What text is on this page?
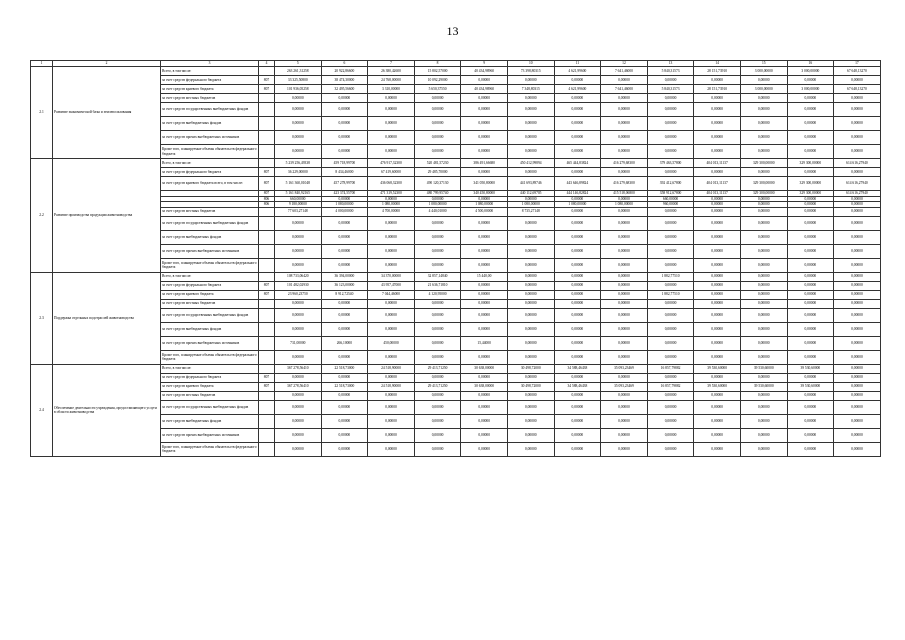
13
1	2	3	4	5	6	7	8	9	10	11	12	13	14	15	16	17
2.1	Развитие экономической базы и землепользования	Всего, в том числе:		263 261,31258	20 922,86600	26 380,42600	15 802,57000	40 434,98960	73 398,80315	4 621,99600	7 641,46000	5 840,31573	28 151,73910	3 000,00000	3 000,00000	67 648,13270
		за счет средств федерального бюджета	807	33 325,50800	38 474,30000	24 768,00000	10 092,29000	0,00000	0,00000	0,00000	0,00000	0,00000	0,00000	0,00000	0,00000	0,00000
		за счет средств краевого бюджета	807	101 936,05258	32 495,56600	3 310,00000	5 650,37550	40 434,98960	7 348,80315	4 621,99600	7 641,46000	5 840,31573	28 151,73910	3 000,00000	3 000,00000	67 648,13270
		за счет средств местных бюджетов		0,00000	0,00000	0,00000	0,00000	0,00000	0,00000	0,00000	0,00000	0,00000	0,00000	0,00000	0,00000	0,00000
		за счет средств государственных внебюджетных фондов		0,00000	0,00000	0,00000	0,00000	0,00000	0,00000	0,00000	0,00000	0,00000	0,00000	0,00000	0,00000	0,00000
		за счет средств внебюджетных фондов		0,00000	0,00000	0,00000	0,00000	0,00000	0,00000	0,00000	0,00000	0,00000	0,00000	0,00000	0,00000	0,00000
		за счет средств прочих внебюджетных источников		0,00000	0,00000	0,00000	0,00000	0,00000	0,00000	0,00000	0,00000	0,00000	0,00000	0,00000	0,00000	0,00000
		Кроме того, планируемые объемы обязательств федерального бюджета		0,00000	0,00000	0,00000	0,00000	0,00000	0,00000	0,00000	0,00000	0,00000	0,00000	0,00000	0,00000	0,00000
2.2	Развитие производства продукции животноводства	Всего, в том числе:		5 239 256,49338	459 718,99700	476 917,32300	520 481,57230	386 491,66680	450 412,99894	465 444,83824	416 279,68300	379 463,57800	404 013,11137	329 300,00000	329 300,00000	614 616,27940
		за счет средств федерального бюджета	807	36 229,00000	8 434,46000	67 419,60000	29 485,70000	0,00000	0,00000	0,00000	0,00000	0,00000	0,00000	0,00000	0,00000	0,00000
		за счет средств краевого бюджета всего, в том числе:	807	5 161 360,01048	457 278,99700	436 068,32300	490 120,37130	341 050,80000	441 693,89746	443 646,89824	416 279,68300	392 412,67800	404 013,11137	329 300,00000	329 300,00000	614 616,27940
			807	5 161 840,92165	423 374,55700	471 319,52300	480 799,95740	340 450,80000	440 112,69705	444 146,82824	415 518,06800	358 912,67800	404 013,11137	329 300,00000	329 300,00000	614 616,27940
			806	660,00000	0,00000	0,00000	0,00000	0,00000	0,00000	0,00000	0,00000	660,00000	0,00000	0,00000	0,00000	0,00000
			806	9 180,00000	1 080,00000	1 080,00000	1 080,00000	1 080,00000	1 080,00000	1 080,00000	1 080,00000	960,00000	0,00000	0,00000	0,00000	0,00000
		за счет средств местных бюджетов		77 603,27148	4 000,00000	4 700,00000	4 440,01000	4 500,00000	8 735,27148	0,00000	0,00000	0,00000	0,00000	0,00000	0,00000	0,00000
		за счет средств государственных внебюджетных фондов		0,00000	0,00000	0,00000	0,00000	0,00000	0,00000	0,00000	0,00000	0,00000	0,00000	0,00000	0,00000	0,00000
		за счет средств внебюджетных фондов		0,00000	0,00000	0,00000	0,00000	0,00000	0,00000	0,00000	0,00000	0,00000	0,00000	0,00000	0,00000	0,00000
		за счет средств прочих внебюджетных источников		0,00000	0,00000	0,00000	0,00000	0,00000	0,00000	0,00000	0,00000	0,00000	0,00000	0,00000	0,00000	0,00000
		Кроме того, планируемые объемы обязательств федерального бюджета		0,00000	0,00000	0,00000	0,00000	0,00000	0,00000	0,00000	0,00000	0,00000	0,00000	0,00000	0,00000	0,00000
2.3	Поддержка отдельных подотраслей животноводства	Всего, в том числе:		108 733,06420	36 394,00000	34 370,00000	32 857,14840	15 440,00	0,00000	0,00000	0,00000	1 882,77510	0,00000	0,00000	0,00000	0,00000
		за счет средств федерального бюджета	807	101 482,02930	36 123,00000	43 957,47000	21 636,71810	0,00000	0,00000	0,00000	0,00000	0,00000	0,00000	0,00000	0,00000	0,00000
		за счет средств краевого бюджета	807	23 960,23750	8 912,72540	7 044,46000	4 120,95000	0,00000	0,00000	0,00000	0,00000	1 882,77510	0,00000	0,00000	0,00000	0,00000
		за счет средств местных бюджетов		0,00000	0,00000	0,00000	0,00000	0,00000	0,00000	0,00000	0,00000	0,00000	0,00000	0,00000	0,00000	0,00000
		за счет средств государственных внебюджетных фондов		0,00000	0,00000	0,00000	0,00000	0,00000	0,00000	0,00000	0,00000	0,00000	0,00000	0,00000	0,00000	0,00000
		за счет средств внебюджетных фондов		0,00000	0,00000	0,00000	0,00000	0,00000	0,00000	0,00000	0,00000	0,00000	0,00000	0,00000	0,00000	0,00000
		за счет средств прочих внебюджетных источников		731,00000	266,10000	450,00000	0,00000	15,44000	0,00000	0,00000	0,00000	0,00000	0,00000	0,00000	0,00000	0,00000
		Кроме того, планируемые объемы обязательств федерального бюджета		0,00000	0,00000	0,00000	0,00000	0,00000	0,00000	0,00000	0,00000	0,00000	0,00000	0,00000	0,00000	0,00000
2.4	Обеспечение деятельности учреждения, предоставляющего услуги в области животноводства	Всего, в том числе:		367 278,56410	22 518,73000	24 518,90000	29 413,71250	30 638,00000	30 498,72000	34 588,46438	35 093,23469	16 857,79882	39 530,60000	39 530,60000	39 530,60000	0,00000
		за счет средств федерального бюджета	807	0,00000	0,00000	0,00000	0,00000	0,00000	0,00000	0,00000	0,00000	0,00000	0,00000	0,00000	0,00000	0,00000
		за счет средств краевого бюджета	807	367 278,56410	22 518,73000	24 518,90000	29 413,71250	30 638,00000	30 498,72000	34 588,46438	35 093,23469	16 857,79882	39 530,60000	39 530,60000	39 530,60000	0,00000
		за счет средств местных бюджетов		0,00000	0,00000	0,00000	0,00000	0,00000	0,00000	0,00000	0,00000	0,00000	0,00000	0,00000	0,00000	0,00000
		за счет средств государственных внебюджетных фондов		0,00000	0,00000	0,00000	0,00000	0,00000	0,00000	0,00000	0,00000	0,00000	0,00000	0,00000	0,00000	0,00000
		за счет средств внебюджетных фондов		0,00000	0,00000	0,00000	0,00000	0,00000	0,00000	0,00000	0,00000	0,00000	0,00000	0,00000	0,00000	0,00000
		за счет средств прочих внебюджетных источников		0,00000	0,00000	0,00000	0,00000	0,00000	0,00000	0,00000	0,00000	0,00000	0,00000	0,00000	0,00000	0,00000
		Кроме того, планируемые объемы обязательств федерального бюджета		0,00000	0,00000	0,00000	0,00000	0,00000	0,00000	0,00000	0,00000	0,00000	0,00000	0,00000	0,00000	0,00000
